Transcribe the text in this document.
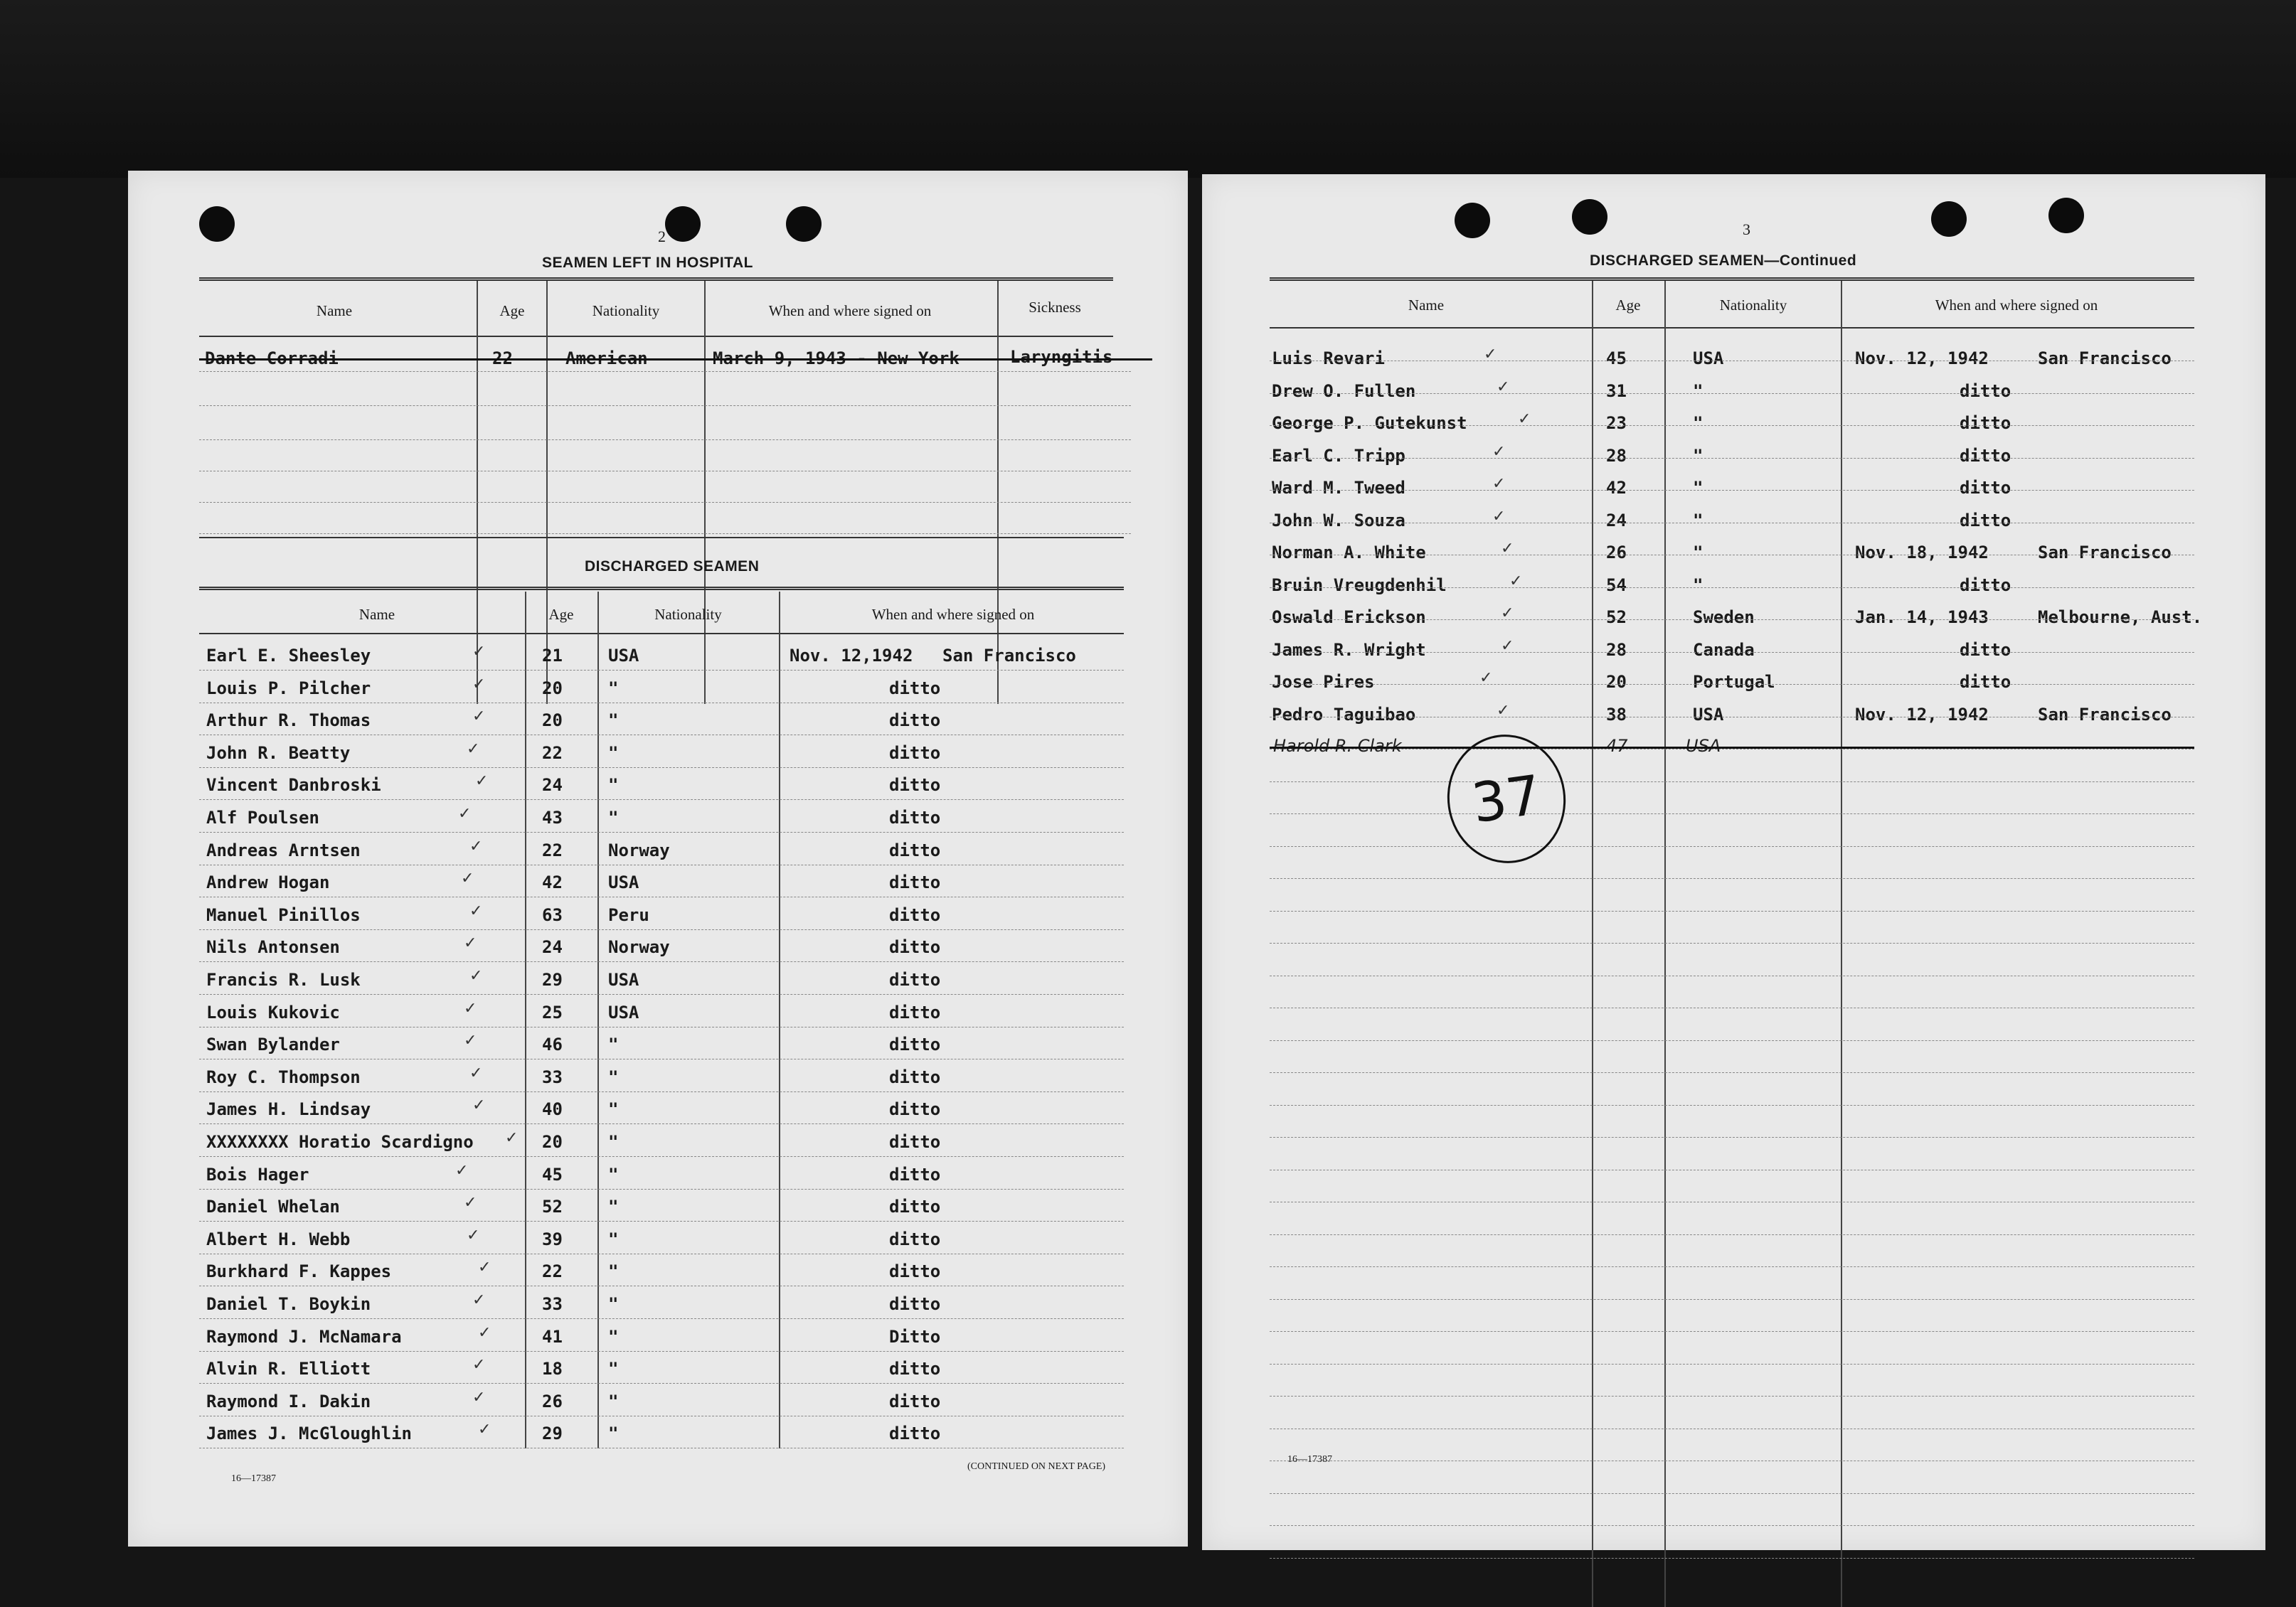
2
SEAMEN LEFT IN HOSPITAL
Name	Age	Nationality	When and where signed on	Sickness
Dante Corradi	22	American	March 9, 1943 - New York	Laryngitis
DISCHARGED SEAMEN
Name	Age	Nationality	When and where signed on
Earl E. Sheesley	21	USA	Nov. 12,1942 San Francisco
✓
Louis P. Pilcher	20	"	ditto
✓
Arthur R. Thomas	20	"	ditto
✓
John R. Beatty	22	"	ditto
✓
Vincent Danbroski	24	"	ditto
✓
Alf Poulsen	43	"	ditto
✓
Andreas Arntsen	22	Norway	ditto
✓
Andrew Hogan	42	USA	ditto
✓
Manuel Pinillos	63	Peru	ditto
✓
Nils Antonsen	24	Norway	ditto
✓
Francis R. Lusk	29	USA	ditto
✓
Louis Kukovic	25	USA	ditto
✓
Swan Bylander	46	"	ditto
✓
Roy C. Thompson	33	"	ditto
✓
James H. Lindsay	40	"	ditto
✓
XXXXXXXX Horatio Scardigno	20	"	ditto
✓
Bois Hager	45	"	ditto
✓
Daniel Whelan	52	"	ditto
✓
Albert H. Webb	39	"	ditto
✓
Burkhard F. Kappes	22	"	ditto
✓
Daniel T. Boykin	33	"	ditto
✓
Raymond J. McNamara	41	"	Ditto
✓
Alvin R. Elliott	18	"	ditto
✓
Raymond I. Dakin	26	"	ditto
✓
James J. McGloughlin	29	"	ditto
✓
16—17387
(CONTINUED ON NEXT PAGE)
3
DISCHARGED SEAMEN—Continued
Name	Age	Nationality	When and where signed on
Luis Revari	45	USA	Nov. 12, 1942	San Francisco
✓
Drew O. Fullen	31	"	ditto
✓
George P. Gutekunst	23	"	ditto
✓
Earl C. Tripp	28	"	ditto
✓
Ward M. Tweed	42	"	ditto
✓
John W. Souza	24	"	ditto
✓
Norman A. White	26	"	Nov. 18, 1942	San Francisco
✓
Bruin Vreugdenhil	54	"	ditto
✓
Oswald Erickson	52	Sweden	Jan. 14, 1943	Melbourne, Aust.
✓
James R. Wright	28	Canada	ditto
✓
Jose Pires	20	Portugal	ditto
✓
Pedro Taguibao	38	USA	Nov. 12, 1942	San Francisco
✓
Harold R. Clark	47	USA
37
16—17387
